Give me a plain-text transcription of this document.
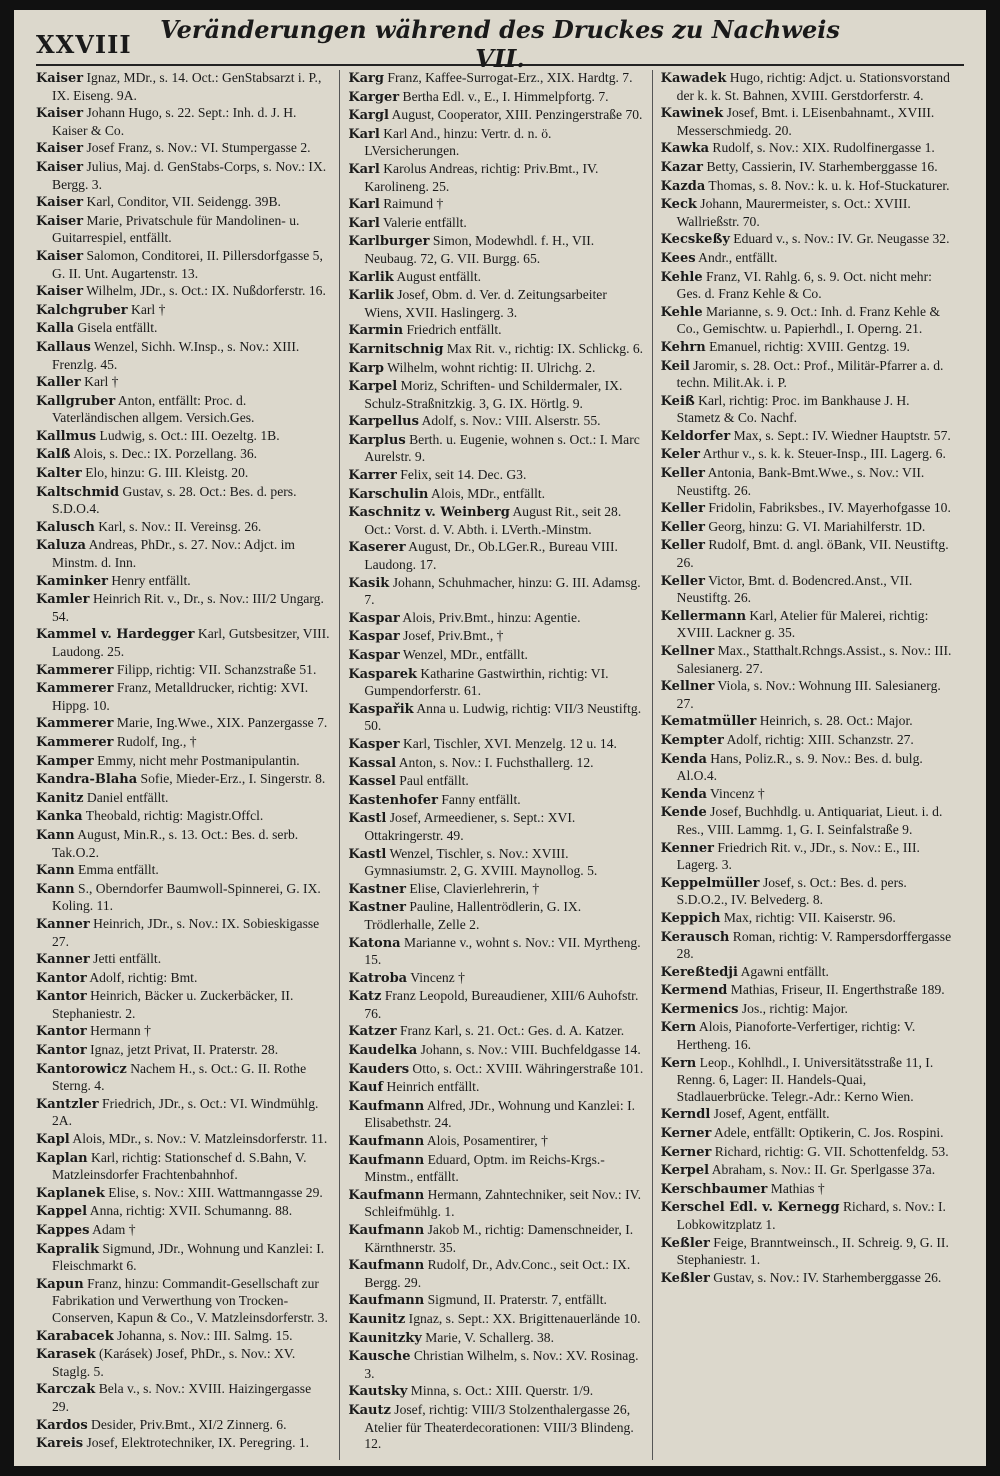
XXVIII	Veränderungen während des Druckes zu Nachweis VII.

Kaiser Ignaz, MDr., s. 14. Oct.: GenStabsarzt i. P., IX. Eiseng. 9A.

Kaiser Johann Hugo, s. 22. Sept.: Inh. d. J. H. Kaiser & Co.

Kaiser Josef Franz, s. Nov.: VI. Stumpergasse 2.

Kaiser Julius, Maj. d. GenStabs-Corps, s. Nov.: IX. Bergg. 3.

Kaiser Karl, Conditor, VII. Seidengg. 39B.

Kaiser Marie, Privatschule für Mandolinen- u. Guitarrespiel, entfällt.

Kaiser Salomon, Conditorei, II. Pillersdorfgasse 5, G. II. Unt. Augartenstr. 13.

Kaiser Wilhelm, JDr., s. Oct.: IX. Nußdorferstr. 16.

Kalchgruber Karl †

Kalla Gisela entfällt.

Kallaus Wenzel, Sichh. W.Insp., s. Nov.: XIII. Frenzlg. 45.

Kaller Karl †

Kallgruber Anton, entfällt: Proc. d. Vaterländischen allgem. Versich.Ges.

Kallmus Ludwig, s. Oct.: III. Oezeltg. 1B.

Kalß Alois, s. Dec.: IX. Porzellang. 36.

Kalter Elo, hinzu: G. III. Kleistg. 20.

Kaltschmid Gustav, s. 28. Oct.: Bes. d. pers. S.D.O.4.

Kalusch Karl, s. Nov.: II. Vereinsg. 26.

Kaluza Andreas, PhDr., s. 27. Nov.: Adjct. im Minstm. d. Inn.

Kaminker Henry entfällt.

Kamler Heinrich Rit. v., Dr., s. Nov.: III/2 Ungarg. 54.

Kammel v. Hardegger Karl, Gutsbesitzer, VIII. Laudong. 25.

Kammerer Filipp, richtig: VII. Schanzstraße 51.

Kammerer Franz, Metalldrucker, richtig: XVI. Hippg. 10.

Kammerer Marie, Ing.Wwe., XIX. Panzergasse 7.

Kammerer Rudolf, Ing., †

Kamper Emmy, nicht mehr Postmanipulantin.

Kandra-Blaha Sofie, Mieder-Erz., I. Singerstr. 8.

Kanitz Daniel entfällt.

Kanka Theobald, richtig: Magistr.Offcl.

Kann August, Min.R., s. 13. Oct.: Bes. d. serb. Tak.O.2.

Kann Emma entfällt.

Kann S., Oberndorfer Baumwoll-Spinnerei, G. IX. Koling. 11.

Kanner Heinrich, JDr., s. Nov.: IX. Sobieskigasse 27.

Kanner Jetti entfällt.

Kantor Adolf, richtig: Bmt.

Kantor Heinrich, Bäcker u. Zuckerbäcker, II. Stephaniestr. 2.

Kantor Hermann †

Kantor Ignaz, jetzt Privat, II. Praterstr. 28.

Kantorowicz Nachem H., s. Oct.: G. II. Rothe Sterng. 4.

Kantzler Friedrich, JDr., s. Oct.: VI. Windmühlg. 2A.

Kapl Alois, MDr., s. Nov.: V. Matzleinsdorferstr. 11.

Kaplan Karl, richtig: Stationschef d. S.Bahn, V. Matzleinsdorfer Frachtenbahnhof.

Kaplanek Elise, s. Nov.: XIII. Wattmanngasse 29.

Kappel Anna, richtig: XVII. Schumanng. 88.

Kappes Adam †

Kapralik Sigmund, JDr., Wohnung und Kanzlei: I. Fleischmarkt 6.

Kapun Franz, hinzu: Commandit-Gesellschaft zur Fabrikation und Verwerthung von Trocken-Conserven, Kapun & Co., V. Matzleinsdorferstr. 3.

Karabacek Johanna, s. Nov.: III. Salmg. 15.

Karasek (Karásek) Josef, PhDr., s. Nov.: XV. Staglg. 5.

Karczak Bela v., s. Nov.: XVIII. Haizingergasse 29.

Kardos Desider, Priv.Bmt., XI/2 Zinnerg. 6.

Kareis Josef, Elektrotechniker, IX. Peregring. 1.

Karg Franz, Kaffee-Surrogat-Erz., XIX. Hardtg. 7.

Karger Bertha Edl. v., E., I. Himmelpfortg. 7.

Kargl August, Cooperator, XIII. Penzingerstraße 70.

Karl Karl And., hinzu: Vertr. d. n. ö. LVersicherungen.

Karl Karolus Andreas, richtig: Priv.Bmt., IV. Karolineng. 25.

Karl Raimund †

Karl Valerie entfällt.

Karlburger Simon, Modewhdl. f. H., VII. Neubaug. 72, G. VII. Burgg. 65.

Karlik August entfällt.

Karlik Josef, Obm. d. Ver. d. Zeitungsarbeiter Wiens, XVII. Haslingerg. 3.

Karmin Friedrich entfällt.

Karnitschnig Max Rit. v., richtig: IX. Schlickg. 6.

Karp Wilhelm, wohnt richtig: II. Ulrichg. 2.

Karpel Moriz, Schriften- und Schildermaler, IX. Schulz-Straßnitzkig. 3, G. IX. Hörtlg. 9.

Karpellus Adolf, s. Nov.: VIII. Alserstr. 55.

Karplus Berth. u. Eugenie, wohnen s. Oct.: I. Marc Aurelstr. 9.

Karrer Felix, seit 14. Dec. G3.

Karschulin Alois, MDr., entfällt.

Kaschnitz v. Weinberg August Rit., seit 28. Oct.: Vorst. d. V. Abth. i. LVerth.-Minstm.

Kaserer August, Dr., Ob.LGer.R., Bureau VIII. Laudong. 17.

Kasik Johann, Schuhmacher, hinzu: G. III. Adamsg. 7.

Kaspar Alois, Priv.Bmt., hinzu: Agentie.

Kaspar Josef, Priv.Bmt., †

Kaspar Wenzel, MDr., entfällt.

Kasparek Katharine Gastwirthin, richtig: VI. Gumpendorferstr. 61.

Kaspařik Anna u. Ludwig, richtig: VII/3 Neustiftg. 50.

Kasper Karl, Tischler, XVI. Menzelg. 12 u. 14.

Kassal Anton, s. Nov.: I. Fuchsthallerg. 12.

Kassel Paul entfällt.

Kastenhofer Fanny entfällt.

Kastl Josef, Armeediener, s. Sept.: XVI. Ottakringerstr. 49.

Kastl Wenzel, Tischler, s. Nov.: XVIII. Gymnasiumstr. 2, G. XVIII. Maynollog. 5.

Kastner Elise, Clavierlehrerin, †

Kastner Pauline, Hallentrödlerin, G. IX. Trödlerhalle, Zelle 2.

Katona Marianne v., wohnt s. Nov.: VII. Myrtheng. 15.

Katroba Vincenz †

Katz Franz Leopold, Bureaudiener, XIII/6 Auhofstr. 76.

Katzer Franz Karl, s. 21. Oct.: Ges. d. A. Katzer.

Kaudelka Johann, s. Nov.: VIII. Buchfeldgasse 14.

Kauders Otto, s. Oct.: XVIII. Währingerstraße 101.

Kauf Heinrich entfällt.

Kaufmann Alfred, JDr., Wohnung und Kanzlei: I. Elisabethstr. 24.

Kaufmann Alois, Posamentirer, †

Kaufmann Eduard, Optm. im Reichs-Krgs.-Minstm., entfällt.

Kaufmann Hermann, Zahntechniker, seit Nov.: IV. Schleifmühlg. 1.

Kaufmann Jakob M., richtig: Damenschneider, I. Kärnthnerstr. 35.

Kaufmann Rudolf, Dr., Adv.Conc., seit Oct.: IX. Bergg. 29.

Kaufmann Sigmund, II. Praterstr. 7, entfällt.

Kaunitz Ignaz, s. Sept.: XX. Brigittenauerlände 10.

Kaunitzky Marie, V. Schallerg. 38.

Kausche Christian Wilhelm, s. Nov.: XV. Rosinag. 3.

Kautsky Minna, s. Oct.: XIII. Querstr. 1/9.

Kautz Josef, richtig: VIII/3 Stolzenthalergasse 26, Atelier für Theaterdecorationen: VIII/3 Blindeng. 12.

Kawadek Hugo, richtig: Adjct. u. Stationsvorstand der k. k. St. Bahnen, XVIII. Gerstdorferstr. 4.

Kawinek Josef, Bmt. i. LEisenbahnamt., XVIII. Messerschmiedg. 20.

Kawka Rudolf, s. Nov.: XIX. Rudolfinergasse 1.

Kazar Betty, Cassierin, IV. Starhemberggasse 16.

Kazda Thomas, s. 8. Nov.: k. u. k. Hof-Stuckaturer.

Keck Johann, Maurermeister, s. Oct.: XVIII. Wallrießstr. 70.

Kecskeßy Eduard v., s. Nov.: IV. Gr. Neugasse 32.

Kees Andr., entfällt.

Kehle Franz, VI. Rahlg. 6, s. 9. Oct. nicht mehr: Ges. d. Franz Kehle & Co.

Kehle Marianne, s. 9. Oct.: Inh. d. Franz Kehle & Co., Gemischtw. u. Papierhdl., I. Operng. 21.

Kehrn Emanuel, richtig: XVIII. Gentzg. 19.

Keil Jaromir, s. 28. Oct.: Prof., Militär-Pfarrer a. d. techn. Milit.Ak. i. P.

Keiß Karl, richtig: Proc. im Bankhause J. H. Stametz & Co. Nachf.

Keldorfer Max, s. Sept.: IV. Wiedner Hauptstr. 57.

Keler Arthur v., s. k. k. Steuer-Insp., III. Lagerg. 6.

Keller Antonia, Bank-Bmt.Wwe., s. Nov.: VII. Neustiftg. 26.

Keller Fridolin, Fabriksbes., IV. Mayerhofgasse 10.

Keller Georg, hinzu: G. VI. Mariahilferstr. 1D.

Keller Rudolf, Bmt. d. angl. öBank, VII. Neustiftg. 26.

Keller Victor, Bmt. d. Bodencred.Anst., VII. Neustiftg. 26.

Kellermann Karl, Atelier für Malerei, richtig: XVIII. Lackner g. 35.

Kellner Max., Statthalt.Rchngs.Assist., s. Nov.: III. Salesianerg. 27.

Kellner Viola, s. Nov.: Wohnung III. Salesianerg. 27.

Kematmüller Heinrich, s. 28. Oct.: Major.

Kempter Adolf, richtig: XIII. Schanzstr. 27.

Kenda Hans, Poliz.R., s. 9. Nov.: Bes. d. bulg. Al.O.4.

Kenda Vincenz †

Kende Josef, Buchhdlg. u. Antiquariat, Lieut. i. d. Res., VIII. Lammg. 1, G. I. Seinfalstraße 9.

Kenner Friedrich Rit. v., JDr., s. Nov.: E., III. Lagerg. 3.

Keppelmüller Josef, s. Oct.: Bes. d. pers. S.D.O.2., IV. Belvederg. 8.

Keppich Max, richtig: VII. Kaiserstr. 96.

Kerausch Roman, richtig: V. Rampersdorffergasse 28.

Kereßtedji Agawni entfällt.

Kermend Mathias, Friseur, II. Engerthstraße 189.

Kermenics Jos., richtig: Major.

Kern Alois, Pianoforte-Verfertiger, richtig: V. Hertheng. 16.

Kern Leop., Kohlhdl., I. Universitätsstraße 11, I. Renng. 6, Lager: II. Handels-Quai, Stadlauerbrücke. Telegr.-Adr.: Kerno Wien.

Kerndl Josef, Agent, entfällt.

Kerner Adele, entfällt: Optikerin, C. Jos. Rospini.

Kerner Richard, richtig: G. VII. Schottenfeldg. 53.

Kerpel Abraham, s. Nov.: II. Gr. Sperlgasse 37a.

Kerschbaumer Mathias †

Kerschel Edl. v. Kernegg Richard, s. Nov.: I. Lobkowitzplatz 1.

Keßler Feige, Branntweinsch., II. Schreig. 9, G. II. Stephaniestr. 1.

Keßler Gustav, s. Nov.: IV. Starhemberggasse 26.
